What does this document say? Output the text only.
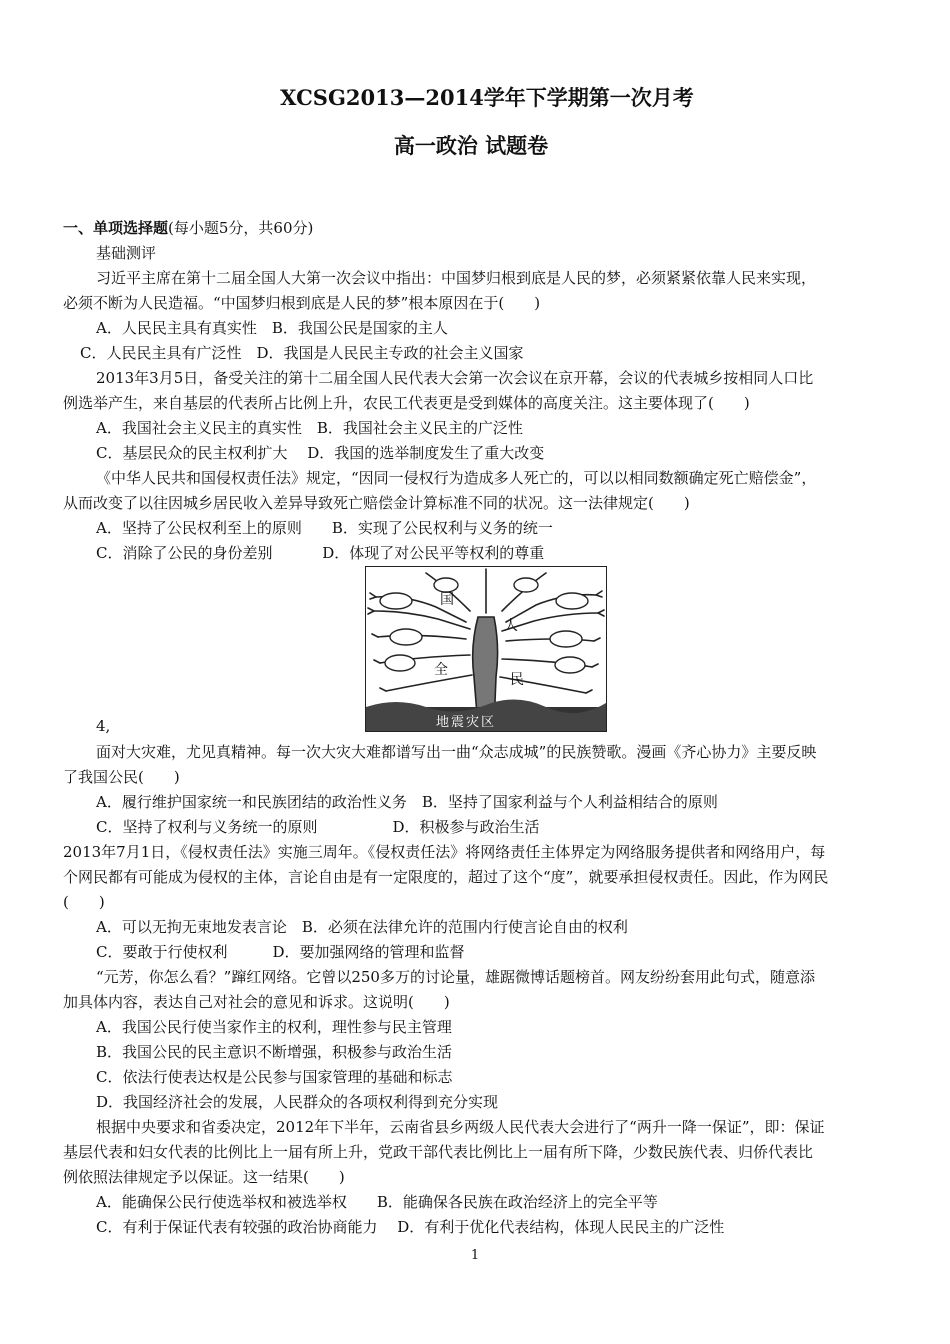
XCSG2013—2014学年下学期第一次月考
高一政治 试题卷
一、单项选择题(每小题5分，共60分)
基础测评
习近平主席在第十二届全国人大第一次会议中指出：中国梦归根到底是人民的梦，必须紧紧依靠人民来实现，
必须不断为人民造福。“中国梦归根到底是人民的梦”根本原因在于(　　)
A．人民民主具有真实性　B．我国公民是国家的主人
C．人民民主具有广泛性　D．我国是人民民主专政的社会主义国家
2013年3月5日，备受关注的第十二届全国人民代表大会第一次会议在京开幕，会议的代表城乡按相同人口比
例选举产生，来自基层的代表所占比例上升，农民工代表更是受到媒体的高度关注。这主要体现了(　　)
A．我国社会主义民主的真实性　B．我国社会主义民主的广泛性
C．基层民众的民主权利扩大　 D．我国的选举制度发生了重大改变
《中华人民共和国侵权责任法》规定，“因同一侵权行为造成多人死亡的，可以以相同数额确定死亡赔偿金”，
从而改变了以往因城乡居民收入差异导致死亡赔偿金计算标准不同的状况。这一法律规定(　　)
A．坚持了公民权利至上的原则　　B．实现了公民权利与义务的统一
C．消除了公民的身份差别　　　 D．体现了对公民平等权利的尊重
国
人
全
民
地震灾区
4,
面对大灾难，尤见真精神。每一次大灾大难都谱写出一曲“众志成城”的民族赞歌。漫画《齐心协力》主要反映
了我国公民(　　)
A．履行维护国家统一和民族团结的政治性义务　B．坚持了国家利益与个人利益相结合的原则
C．坚持了权利与义务统一的原则　　　　　D．积极参与政治生活
2013年7月1日，《侵权责任法》实施三周年。《侵权责任法》将网络责任主体界定为网络服务提供者和网络用户，每
个网民都有可能成为侵权的主体，言论自由是有一定限度的，超过了这个“度”，就要承担侵权责任。因此，作为网民
(　　)
A．可以无拘无束地发表言论　B．必须在法律允许的范围内行使言论自由的权利
C．要敢于行使权利　　　D．要加强网络的管理和监督
“元芳，你怎么看？”蹿红网络。它曾以250多万的讨论量，雄踞微博话题榜首。网友纷纷套用此句式，随意添
加具体内容，表达自己对社会的意见和诉求。这说明(　　)
A．我国公民行使当家作主的权利，理性参与民主管理
B．我国公民的民主意识不断增强，积极参与政治生活
C．依法行使表达权是公民参与国家管理的基础和标志
D．我国经济社会的发展，人民群众的各项权利得到充分实现
根据中央要求和省委决定，2012年下半年，云南省县乡两级人民代表大会进行了“两升一降一保证”，即：保证
基层代表和妇女代表的比例比上一届有所上升，党政干部代表比例比上一届有所下降，少数民族代表、归侨代表比
例依照法律规定予以保证。这一结果(　　)
A．能确保公民行使选举权和被选举权　　B．能确保各民族在政治经济上的完全平等
C．有利于保证代表有较强的政治协商能力　 D．有利于优化代表结构，体现人民民主的广泛性
1
